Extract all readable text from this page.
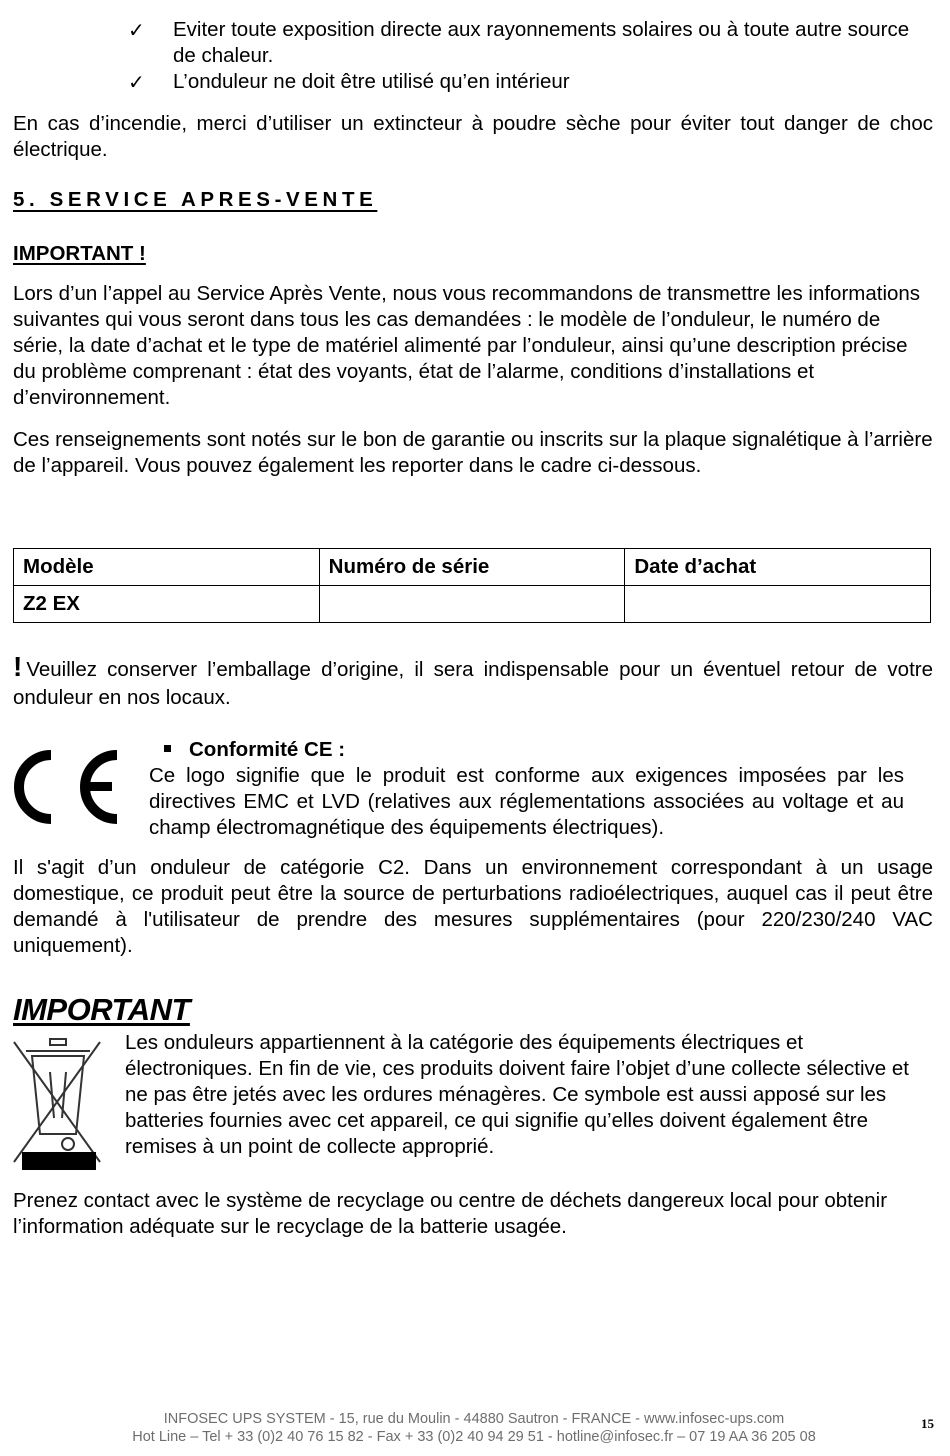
✓ Eviter toute exposition directe aux rayonnements solaires ou à toute autre source de chaleur.
✓ L’onduleur ne doit être utilisé qu’en intérieur

En cas d’incendie, merci d’utiliser un extincteur à poudre sèche pour éviter tout danger de choc électrique.

5. SERVICE APRES-VENTE
IMPORTANT !

Lors d’un l’appel au Service Après Vente, nous vous recommandons de transmettre les informations suivantes qui vous seront dans tous les cas demandées : le modèle de l’onduleur, le numéro de série, la date d’achat et le type de matériel alimenté par l’onduleur, ainsi qu’une description précise du problème comprenant : état des voyants, état de l’alarme, conditions d’installations et d’environnement.

Ces renseignements sont notés sur le bon de garantie ou inscrits sur la plaque signalétique à l’arrière de l’appareil. Vous pouvez également les reporter dans le cadre ci-dessous.

Modèle	Numéro de série	Date d’achat
Z2 EX		

! Veuillez conserver l’emballage d’origine, il sera indispensable pour un éventuel retour de votre onduleur en nos locaux.

Conformité CE :

Ce logo signifie que le produit est conforme aux exigences imposées par les directives EMC et LVD (relatives aux réglementations associées au voltage et au champ électromagnétique des équipements électriques).

Il s'agit d’un onduleur de catégorie C2. Dans un environnement correspondant à un usage domestique, ce produit peut être la source de perturbations radioélectriques, auquel cas il peut être demandé à l'utilisateur de prendre des mesures supplémentaires (pour 220/230/240 VAC uniquement).

IMPORTANT

Les onduleurs appartiennent à la catégorie des équipements électriques et électroniques. En fin de vie, ces produits doivent faire l’objet d’une collecte sélective et ne pas être jetés avec les ordures ménagères. Ce symbole est aussi apposé sur les batteries fournies avec cet appareil, ce qui signifie qu’elles doivent également être remises à un point de collecte approprié.

Prenez contact avec le système de recyclage ou centre de déchets dangereux local pour obtenir l’information adéquate sur le recyclage de la batterie usagée.

INFOSEC UPS SYSTEM - 15, rue du Moulin - 44880 Sautron - FRANCE - www.infosec-ups.com
Hot Line – Tel + 33 (0)2 40 76 15 82 - Fax + 33 (0)2 40 94 29 51 - hotline@infosec.fr – 07 19 AA 36 205 08
15
